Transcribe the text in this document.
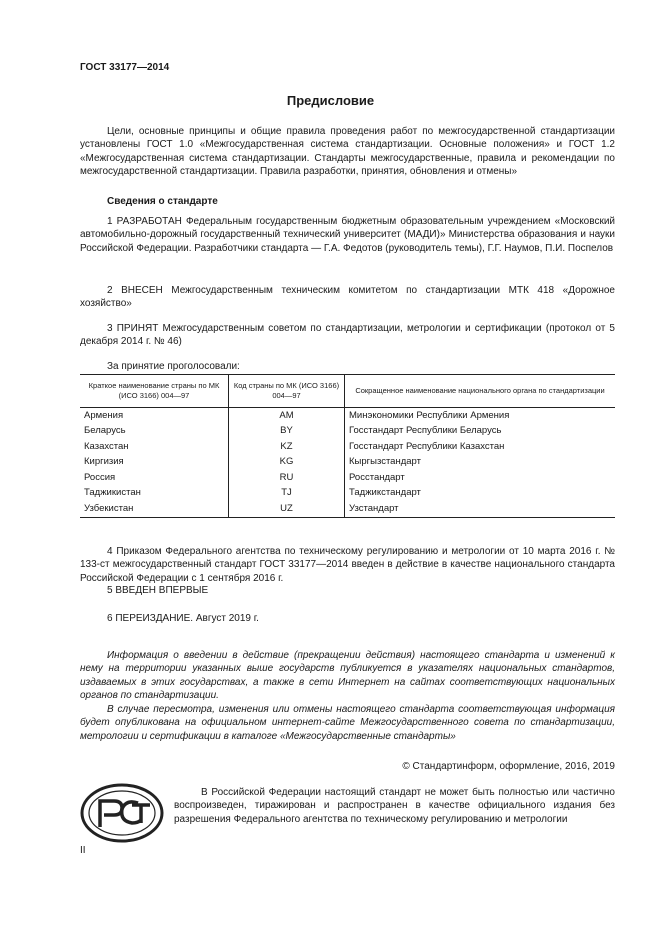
ГОСТ 33177—2014
Предисловие
Цели, основные принципы и общие правила проведения работ по межгосударственной стандартизации установлены ГОСТ 1.0 «Межгосударственная система стандартизации. Основные положения» и ГОСТ 1.2 «Межгосударственная система стандартизации. Стандарты межгосударственные, правила и рекомендации по межгосударственной стандартизации. Правила разработки, принятия, обновления и отмены»
Сведения о стандарте
1 РАЗРАБОТАН Федеральным государственным бюджетным образовательным учреждением «Московский автомобильно-дорожный государственный технический университет (МАДИ)» Министерства образования и науки Российской Федерации. Разработчики стандарта — Г.А. Федотов (руководитель темы), Г.Г. Наумов, П.И. Поспелов
2 ВНЕСЕН Межгосударственным техническим комитетом по стандартизации МТК 418 «Дорожное хозяйство»
3 ПРИНЯТ Межгосударственным советом по стандартизации, метрологии и сертификации (протокол от 5 декабря 2014 г. № 46)
За принятие проголосовали:
Краткое наименование страны по МК (ИСО 3166) 004—97	Код страны по МК (ИСО 3166) 004—97	Сокращенное наименование национального органа по стандартизации
Армения	AM	Минэкономики Республики Армения
Беларусь	BY	Госстандарт Республики Беларусь
Казахстан	KZ	Госстандарт Республики Казахстан
Киргизия	KG	Кыргызстандарт
Россия	RU	Росстандарт
Таджикистан	TJ	Таджикстандарт
Узбекистан	UZ	Узстандарт
4 Приказом Федерального агентства по техническому регулированию и метрологии от 10 марта 2016 г. № 133-ст межгосударственный стандарт ГОСТ 33177—2014 введен в действие в качестве национального стандарта Российской Федерации с 1 сентября 2016 г.
5 ВВЕДЕН ВПЕРВЫЕ
6 ПЕРЕИЗДАНИЕ. Август 2019 г.
Информация о введении в действие (прекращении действия) настоящего стандарта и изменений к нему на территории указанных выше государств публикуется в указателях национальных стандартов, издаваемых в этих государствах, а также в сети Интернет на сайтах соответствующих национальных органов по стандартизации.
В случае пересмотра, изменения или отмены настоящего стандарта соответствующая информация будет опубликована на официальном интернет-сайте Межгосударственного совета по стандартизации, метрологии и сертификации в каталоге «Межгосударственные стандарты»
© Стандартинформ, оформление, 2016, 2019
В Российской Федерации настоящий стандарт не может быть полностью или частично воспроизведен, тиражирован и распространен в качестве официального издания без разрешения Федерального агентства по техническому регулированию и метрологии
II
